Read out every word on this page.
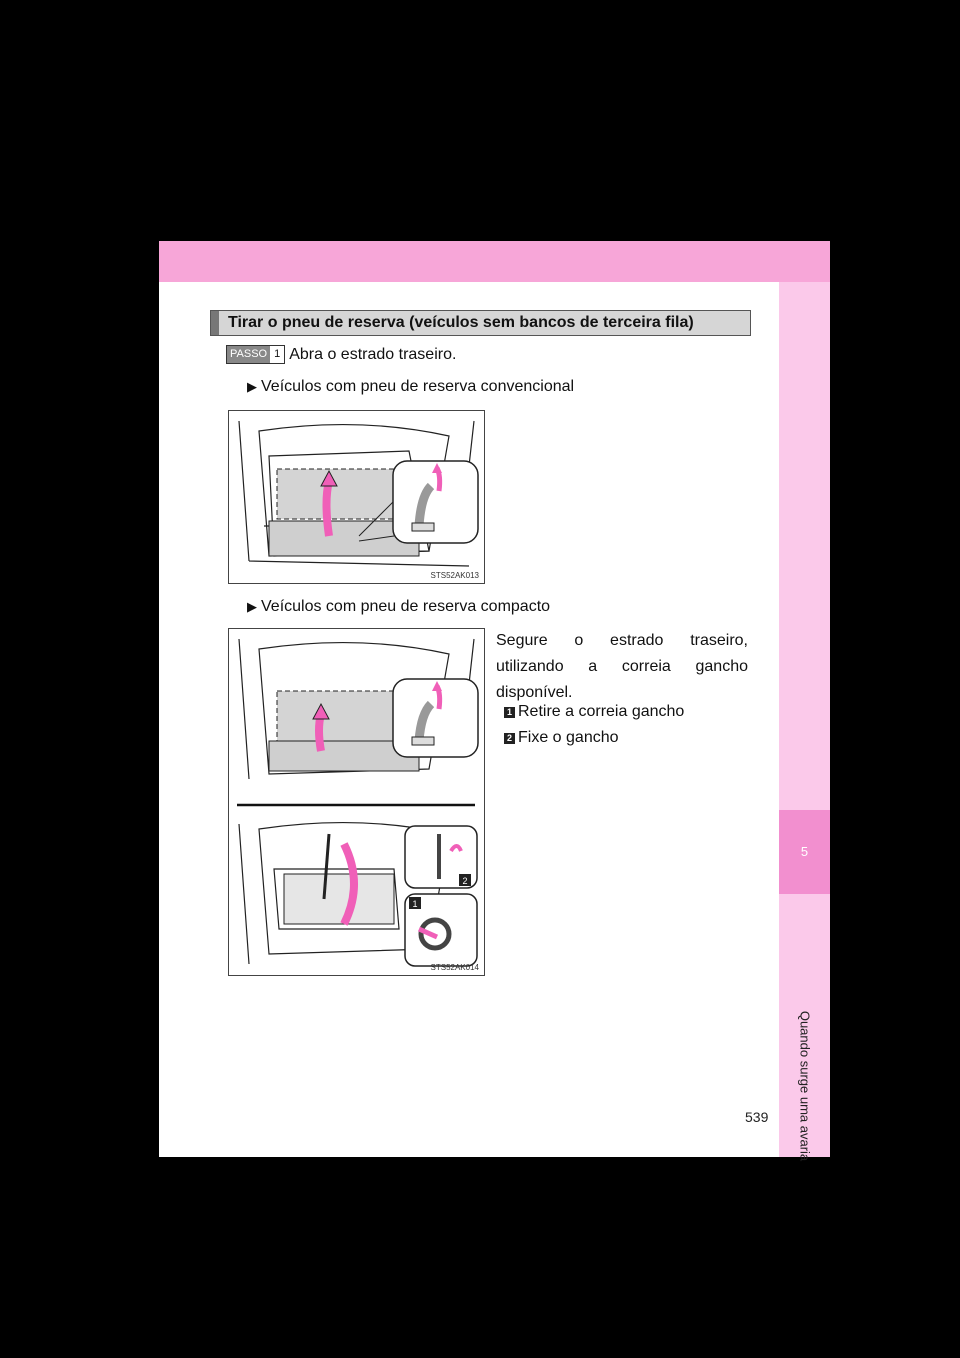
5
Quando surge uma avaria
Tirar o pneu de reserva (veículos sem bancos de terceira fila)
PASSO 1 Abra o estrado traseiro.
▶ Veículos com pneu de reserva convencional
STS52AK013
▶ Veículos com pneu de reserva compacto
2
1
STS52AK014
Segure o estrado traseiro, utilizando a correia gancho disponível.
1 Retire a correia gancho
2 Fixe o gancho
539
